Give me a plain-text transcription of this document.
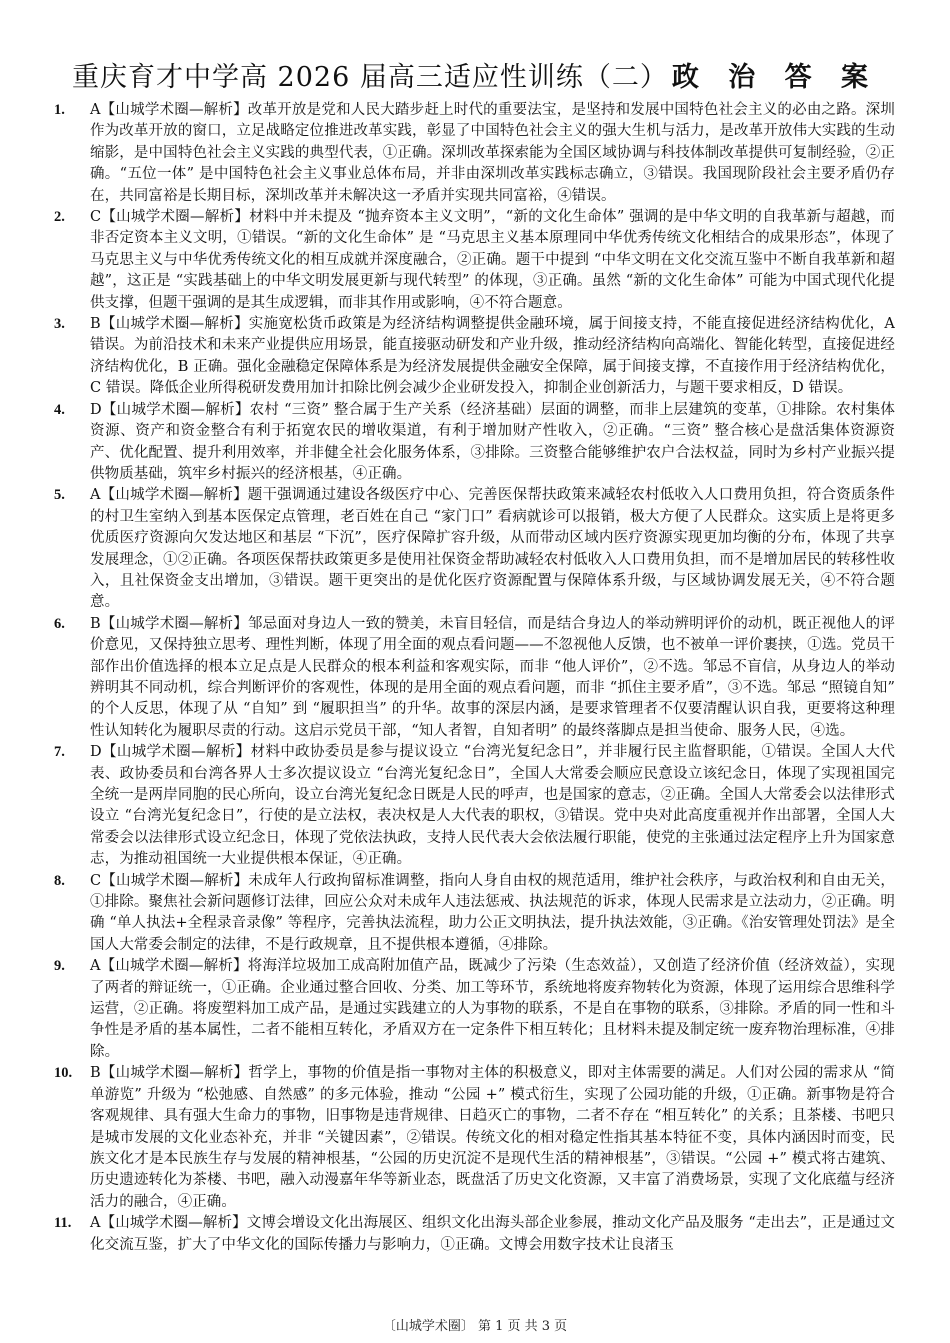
重庆育才中学高 2026 届高三适应性训练（二） 政 治 答 案
1.	A【山城学术圈—解析】改革开放是党和人民大踏步赶上时代的重要法宝，是坚持和发展中国特色社会主义的必由之路。深圳作为改革开放的窗口，立足战略定位推进改革实践，彰显了中国特色社会主义的强大生机与活力，是改革开放伟大实践的生动缩影，是中国特色社会主义实践的典型代表，①正确。深圳改革探索能为全国区域协调与科技体制改革提供可复制经验，②正确。“五位一体” 是中国特色社会主义事业总体布局，并非由深圳改革实践标志确立，③错误。我国现阶段社会主要矛盾仍存在，共同富裕是长期目标，深圳改革并未解决这一矛盾并实现共同富裕，④错误。
2.	C【山城学术圈—解析】材料中并未提及 “抛弃资本主义文明”，“新的文化生命体” 强调的是中华文明的自我革新与超越，而非否定资本主义文明，①错误。“新的文化生命体” 是 “马克思主义基本原理同中华优秀传统文化相结合的成果形态”，体现了马克思主义与中华优秀传统文化的相互成就并深度融合，②正确。题干中提到 “中华文明在文化交流互鉴中不断自我革新和超越”，这正是 “实践基础上的中华文明发展更新与现代转型” 的体现，③正确。虽然 “新的文化生命体” 可能为中国式现代化提供支撑，但题干强调的是其生成逻辑，而非其作用或影响，④不符合题意。
3.	B【山城学术圈—解析】实施宽松货币政策是为经济结构调整提供金融环境，属于间接支持，不能直接促进经济结构优化，A 错误。为前沿技术和未来产业提供应用场景，能直接驱动研发和产业升级，推动经济结构向高端化、智能化转型，直接促进经济结构优化，B 正确。强化金融稳定保障体系是为经济发展提供金融安全保障，属于间接支撑，不直接作用于经济结构优化，C 错误。降低企业所得税研发费用加计扣除比例会减少企业研发投入，抑制企业创新活力，与题干要求相反，D 错误。
4.	D【山城学术圈—解析】农村 “三资” 整合属于生产关系（经济基础）层面的调整，而非上层建筑的变革，①排除。农村集体资源、资产和资金整合有利于拓宽农民的增收渠道，有利于增加财产性收入，②正确。“三资” 整合核心是盘活集体资源资产、优化配置、提升利用效率，并非健全社会化服务体系，③排除。三资整合能够维护农户合法权益，同时为乡村产业振兴提供物质基础，筑牢乡村振兴的经济根基，④正确。
5.	A【山城学术圈—解析】题干强调通过建设各级医疗中心、完善医保帮扶政策来减轻农村低收入人口费用负担，符合资质条件的村卫生室纳入到基本医保定点管理，老百姓在自己 “家门口” 看病就诊可以报销，极大方便了人民群众。这实质上是将更多优质医疗资源向欠发达地区和基层 “下沉”，医疗保障扩容升级，从而带动区域内医疗资源实现更加均衡的分布，体现了共享发展理念，①②正确。各项医保帮扶政策更多是使用社保资金帮助减轻农村低收入人口费用负担，而不是增加居民的转移性收入，且社保资金支出增加，③错误。题干更突出的是优化医疗资源配置与保障体系升级，与区域协调发展无关，④不符合题意。
6.	B【山城学术圈—解析】邹忌面对身边人一致的赞美，未盲目轻信，而是结合身边人的举动辨明评价的动机，既正视他人的评价意见，又保持独立思考、理性判断，体现了用全面的观点看问题——不忽视他人反馈，也不被单一评价裹挟，①选。党员干部作出价值选择的根本立足点是人民群众的根本利益和客观实际，而非 “他人评价”，②不选。邹忌不盲信，从身边人的举动辨明其不同动机，综合判断评价的客观性，体现的是用全面的观点看问题，而非 “抓住主要矛盾”，③不选。邹忌 “照镜自知” 的个人反思，体现了从 “自知” 到 “履职担当” 的升华。故事的深层内涵，是要求管理者不仅要清醒认识自我，更要将这种理性认知转化为履职尽责的行动。这启示党员干部，“知人者智，自知者明” 的最终落脚点是担当使命、服务人民，④选。
7.	D【山城学术圈—解析】材料中政协委员是参与提议设立 “台湾光复纪念日”，并非履行民主监督职能，①错误。全国人大代表、政协委员和台湾各界人士多次提议设立 “台湾光复纪念日”，全国人大常委会顺应民意设立该纪念日，体现了实现祖国完全统一是两岸同胞的民心所向，设立台湾光复纪念日既是人民的呼声，也是国家的意志，②正确。全国人大常委会以法律形式设立 “台湾光复纪念日”，行使的是立法权，表决权是人大代表的职权，③错误。党中央对此高度重视并作出部署，全国人大常委会以法律形式设立纪念日，体现了党依法执政，支持人民代表大会依法履行职能，使党的主张通过法定程序上升为国家意志，为推动祖国统一大业提供根本保证，④正确。
8.	C【山城学术圈—解析】未成年人行政拘留标准调整，指向人身自由权的规范适用，维护社会秩序，与政治权利和自由无关，①排除。聚焦社会新问题修订法律，回应公众对未成年人违法惩戒、执法规范的诉求，体现人民需求是立法动力，②正确。明确 “单人执法+全程录音录像” 等程序，完善执法流程，助力公正文明执法，提升执法效能，③正确。《治安管理处罚法》是全国人大常委会制定的法律，不是行政规章，且不提供根本遵循，④排除。
9.	A【山城学术圈—解析】将海洋垃圾加工成高附加值产品，既减少了污染（生态效益），又创造了经济价值（经济效益），实现了两者的辩证统一，①正确。企业通过整合回收、分类、加工等环节，系统地将废弃物转化为资源，体现了运用综合思维科学运营，②正确。将废塑料加工成产品，是通过实践建立的人为事物的联系，不是自在事物的联系，③排除。矛盾的同一性和斗争性是矛盾的基本属性，二者不能相互转化，矛盾双方在一定条件下相互转化；且材料未提及制定统一废弃物治理标准，④排除。
10.	B【山城学术圈—解析】哲学上，事物的价值是指一事物对主体的积极意义，即对主体需要的满足。人们对公园的需求从 “简单游览” 升级为 “松弛感、自然感” 的多元体验，推动 “公园 +” 模式衍生，实现了公园功能的升级，①正确。新事物是符合客观规律、具有强大生命力的事物，旧事物是违背规律、日趋灭亡的事物，二者不存在 “相互转化” 的关系；且茶楼、书吧只是城市发展的文化业态补充，并非 “关键因素”，②错误。传统文化的相对稳定性指其基本特征不变，具体内涵因时而变，民族文化才是本民族生存与发展的精神根基，“公园的历史沉淀不是现代生活的精神根基”，③错误。“公园 +” 模式将古建筑、历史遗迹转化为茶楼、书吧，融入动漫嘉年华等新业态，既盘活了历史文化资源，又丰富了消费场景，实现了文化底蕴与经济活力的融合，④正确。
11.	A【山城学术圈—解析】文博会增设文化出海展区、组织文化出海头部企业参展，推动文化产品及服务 “走出去”，正是通过文化交流互鉴，扩大了中华文化的国际传播力与影响力，①正确。文博会用数字技术让良渚玉
〔山城学术圈〕 第 1 页 共 3 页
